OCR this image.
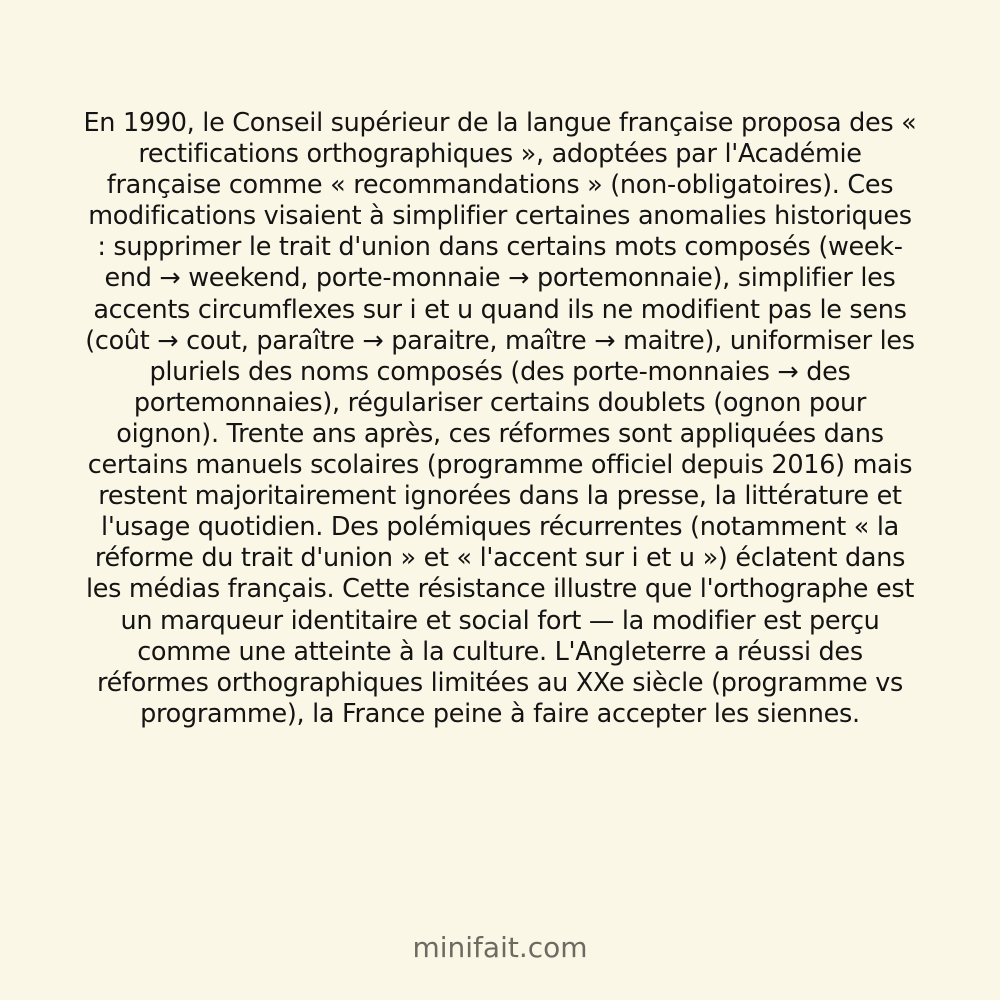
En 1990, le Conseil supérieur de la langue française proposa des « rectifications orthographiques », adoptées par l'Académie française comme « recommandations » (non-obligatoires). Ces modifications visaient à simplifier certaines anomalies historiques : supprimer le trait d'union dans certains mots composés (week-end → weekend, porte-monnaie → portemonnaie), simplifier les accents circumflexes sur i et u quand ils ne modifient pas le sens (coût → cout, paraître → paraitre, maître → maitre), uniformiser les pluriels des noms composés (des porte-monnaies → des portemonnaies), régulariser certains doublets (ognon pour oignon). Trente ans après, ces réformes sont appliquées dans certains manuels scolaires (programme officiel depuis 2016) mais restent majoritairement ignorées dans la presse, la littérature et l'usage quotidien. Des polémiques récurrentes (notamment « la réforme du trait d'union » et « l'accent sur i et u ») éclatent dans les médias français. Cette résistance illustre que l'orthographe est un marqueur identitaire et social fort — la modifier est perçu comme une atteinte à la culture. L'Angleterre a réussi des réformes orthographiques limitées au XXe siècle (programme vs programme), la France peine à faire accepter les siennes.

minifait.com
